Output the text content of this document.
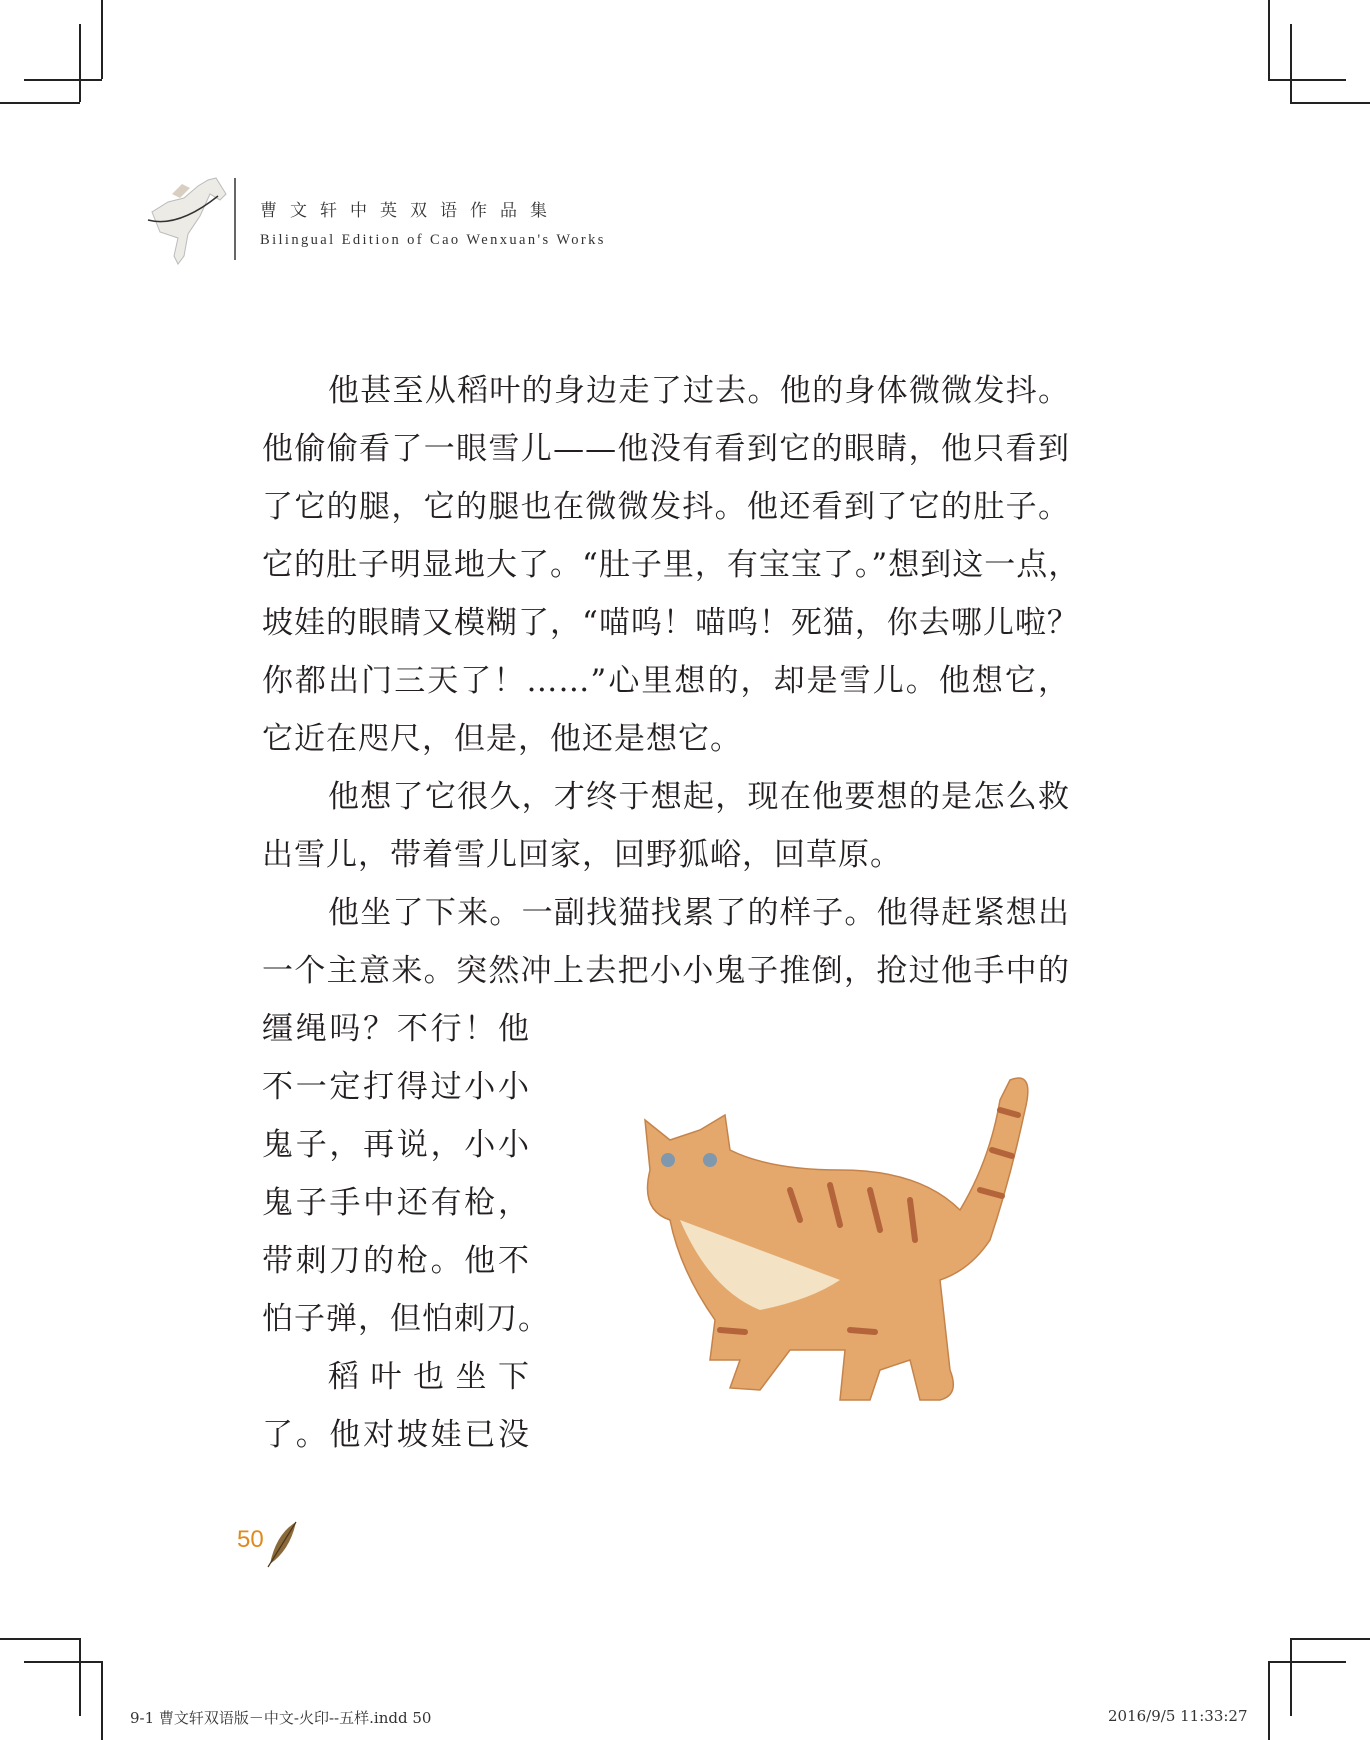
曹文轩中英双语作品集
Bilingual Edition of Cao Wenxuan's Works
他甚至从稻叶的身边走了过去。他的身体微微发抖。
他偷偷看了一眼雪儿——他没有看到它的眼睛，他只看到
了它的腿，它的腿也在微微发抖。他还看到了它的肚子。
它的肚子明显地大了。“肚子里，有宝宝了。”想到这一点，
坡娃的眼睛又模糊了，“喵呜！喵呜！死猫，你去哪儿啦？
你都出门三天了！……”心里想的，却是雪儿。他想它，
它近在咫尺，但是，他还是想它。
他想了它很久，才终于想起，现在他要想的是怎么救
出雪儿，带着雪儿回家，回野狐峪，回草原。
他坐了下来。一副找猫找累了的样子。他得赶紧想出
一个主意来。突然冲上去把小小鬼子推倒，抢过他手中的
缰绳吗？不行！他
不一定打得过小小
鬼子，再说，小小
鬼子手中还有枪，
带刺刀的枪。他不
怕子弹，但怕刺刀。
稻叶也坐下
了。他对坡娃已没
50
9-1 曹文轩双语版－中文-火印--五样.indd 50	2016/9/5 11:33:27
